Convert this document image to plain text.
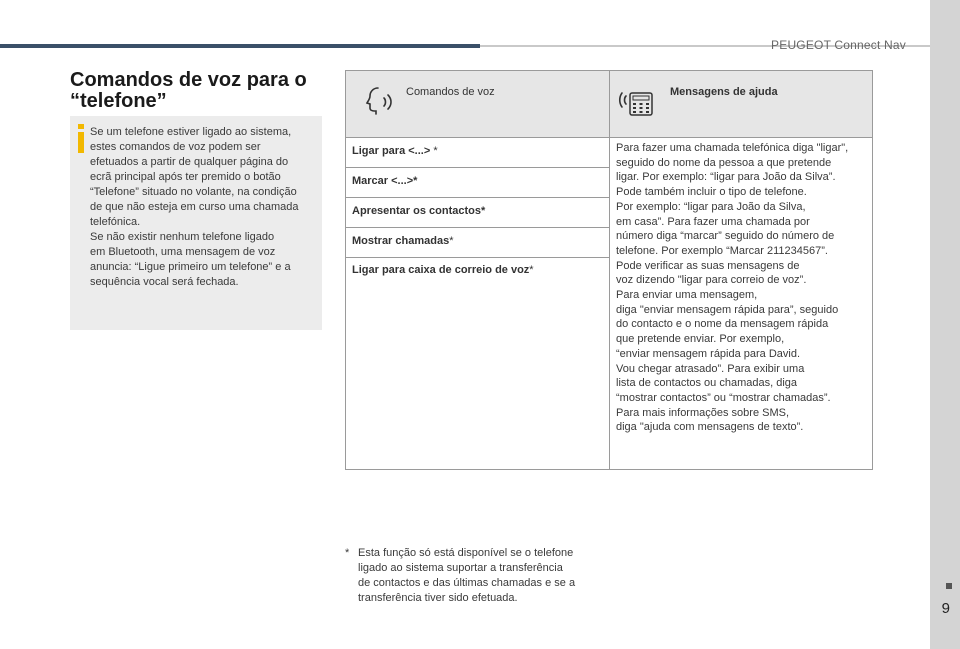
PEUGEOT Connect Nav
9
Comandos de voz para o “telefone”
Se um telefone estiver ligado ao sistema,
estes comandos de voz podem ser
efetuados a partir de qualquer página do
ecrã principal após ter premido o botão
“Telefone” situado no volante, na condição
de que não esteja em curso uma chamada
telefónica.
Se não existir nenhum telefone ligado
em Bluetooth, uma mensagem de voz
anuncia: “Ligue primeiro um telefone” e a
sequência vocal será fechada.
Comandos de voz	Mensagens de ajuda
Ligar para <...> *
Marcar <...>*
Apresentar os contactos*
Mostrar chamadas*
Ligar para caixa de correio de voz*
Para fazer uma chamada telefónica diga "ligar",
seguido do nome da pessoa a que pretende
ligar. Por exemplo: “ligar para João da Silva”.
Pode também incluir o tipo de telefone.
Por exemplo: “ligar para João da Silva,
em casa”. Para fazer uma chamada por
número diga “marcar” seguido do número de
telefone. Por exemplo “Marcar 211234567”.
Pode verificar as suas mensagens de
voz dizendo "ligar para correio de voz”.
Para enviar uma mensagem,
diga "enviar mensagem rápida para”, seguido
do contacto e o nome da mensagem rápida
que pretende enviar. Por exemplo,
“enviar mensagem rápida para David.
Vou chegar atrasado”. Para exibir uma
lista de contactos ou chamadas, diga
“mostrar contactos” ou “mostrar chamadas”.
Para mais informações sobre SMS,
diga "ajuda com mensagens de texto”.
* Esta função só está disponível se o telefone
ligado ao sistema suportar a transferência
de contactos e das últimas chamadas e se a
transferência tiver sido efetuada.
